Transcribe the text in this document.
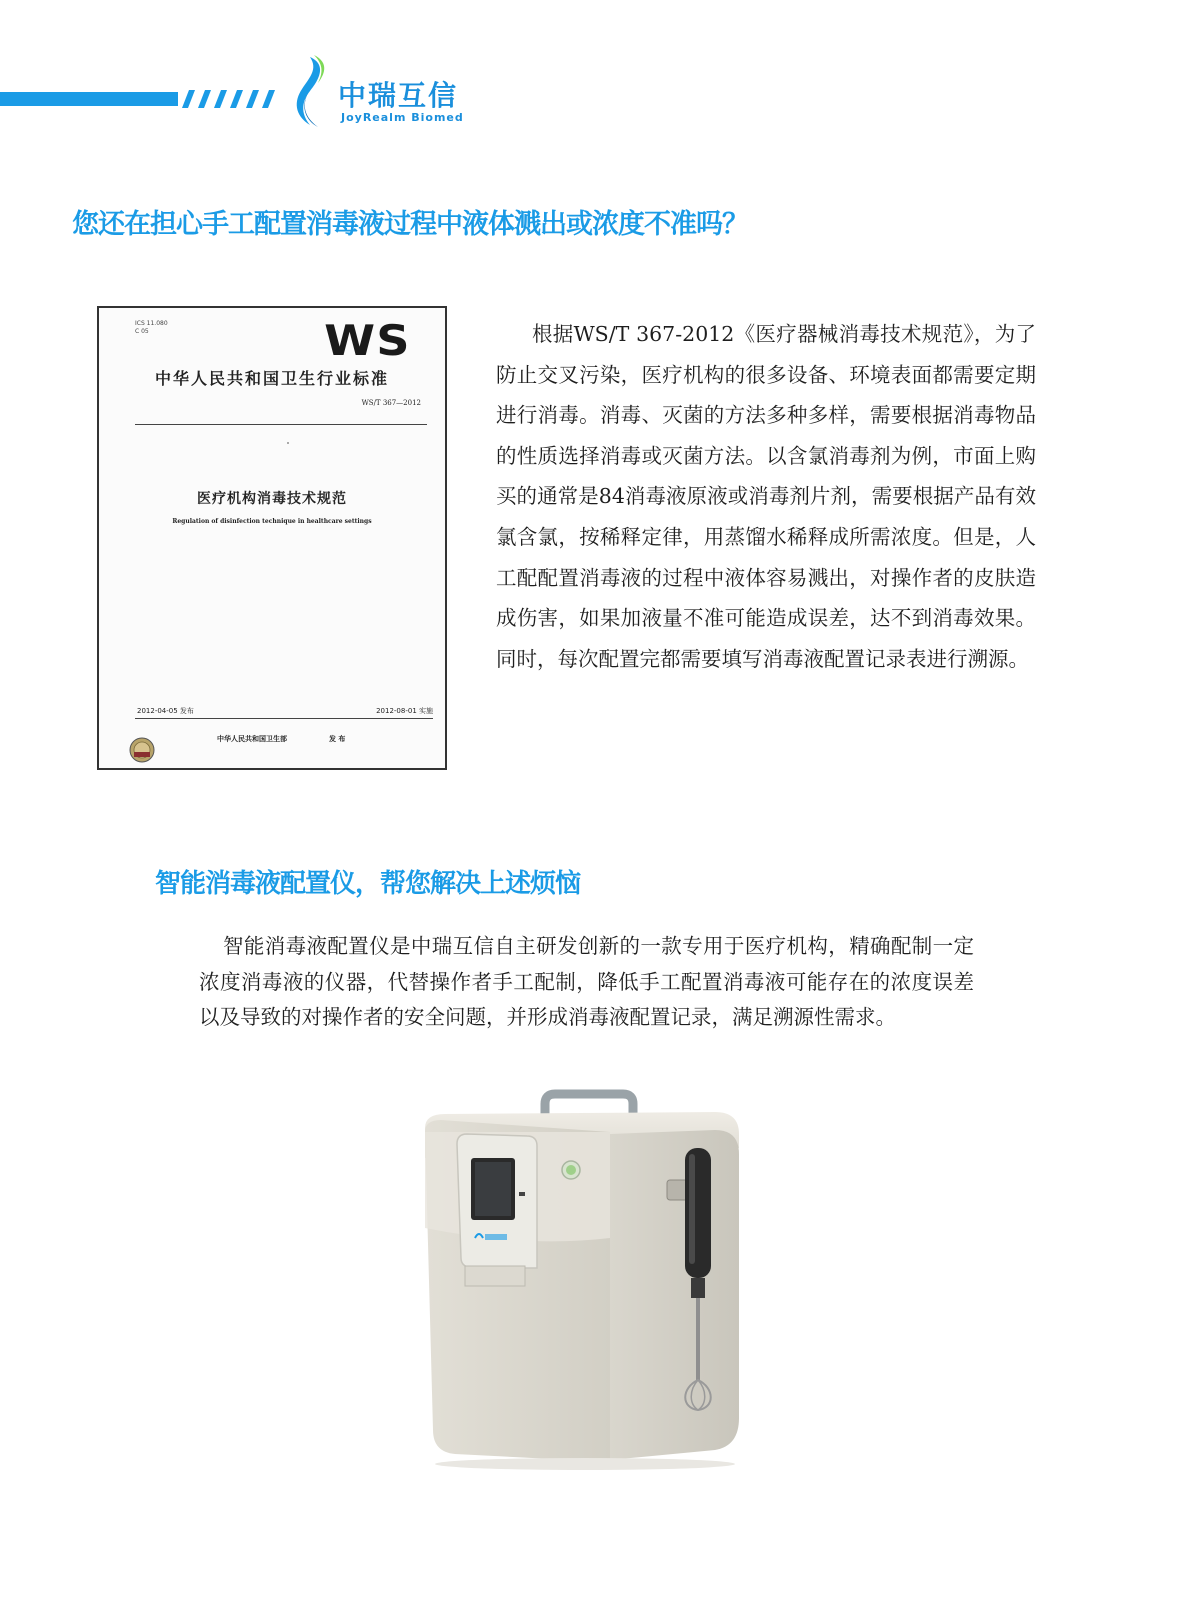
中瑞互信
JoyRealm Biomed
您还在担心手工配置消毒液过程中液体溅出或浓度不准吗？
ICS 11.080
C 05	WS
中华人民共和国卫生行业标准
WS/T 367—2012
医疗机构消毒技术规范
Regulation of disinfection technique in healthcare settings
2012-04-05 发布	2012-08-01 实施
中华人民共和国卫生部	发 布

根据WS/T 367-2012《医疗器械消毒技术规范》，为了防止交叉污染，医疗机构的很多设备、环境表面都需要定期进行消毒。消毒、灭菌的方法多种多样，需要根据消毒物品的性质选择消毒或灭菌方法。以含氯消毒剂为例，市面上购买的通常是84消毒液原液或消毒剂片剂，需要根据产品有效氯含氯，按稀释定律，用蒸馏水稀释成所需浓度。但是，人工配配置消毒液的过程中液体容易溅出，对操作者的皮肤造　成伤害，如果加液量不准可能造成误差，达不到消毒效果。同时，每次配置完都需要填写消毒液配置记录表进行溯源。

智能消毒液配置仪，帮您解决上述烦恼

智能消毒液配置仪是中瑞互信自主研发创新的一款专用于医疗机构，精确配制一定浓度消毒液的仪器，代替操作者手工配制，降低手工配置消毒液可能存在的浓度误差以及导致的对操作者的安全问题，并形成消毒液配置记录，满足溯源性需求。
